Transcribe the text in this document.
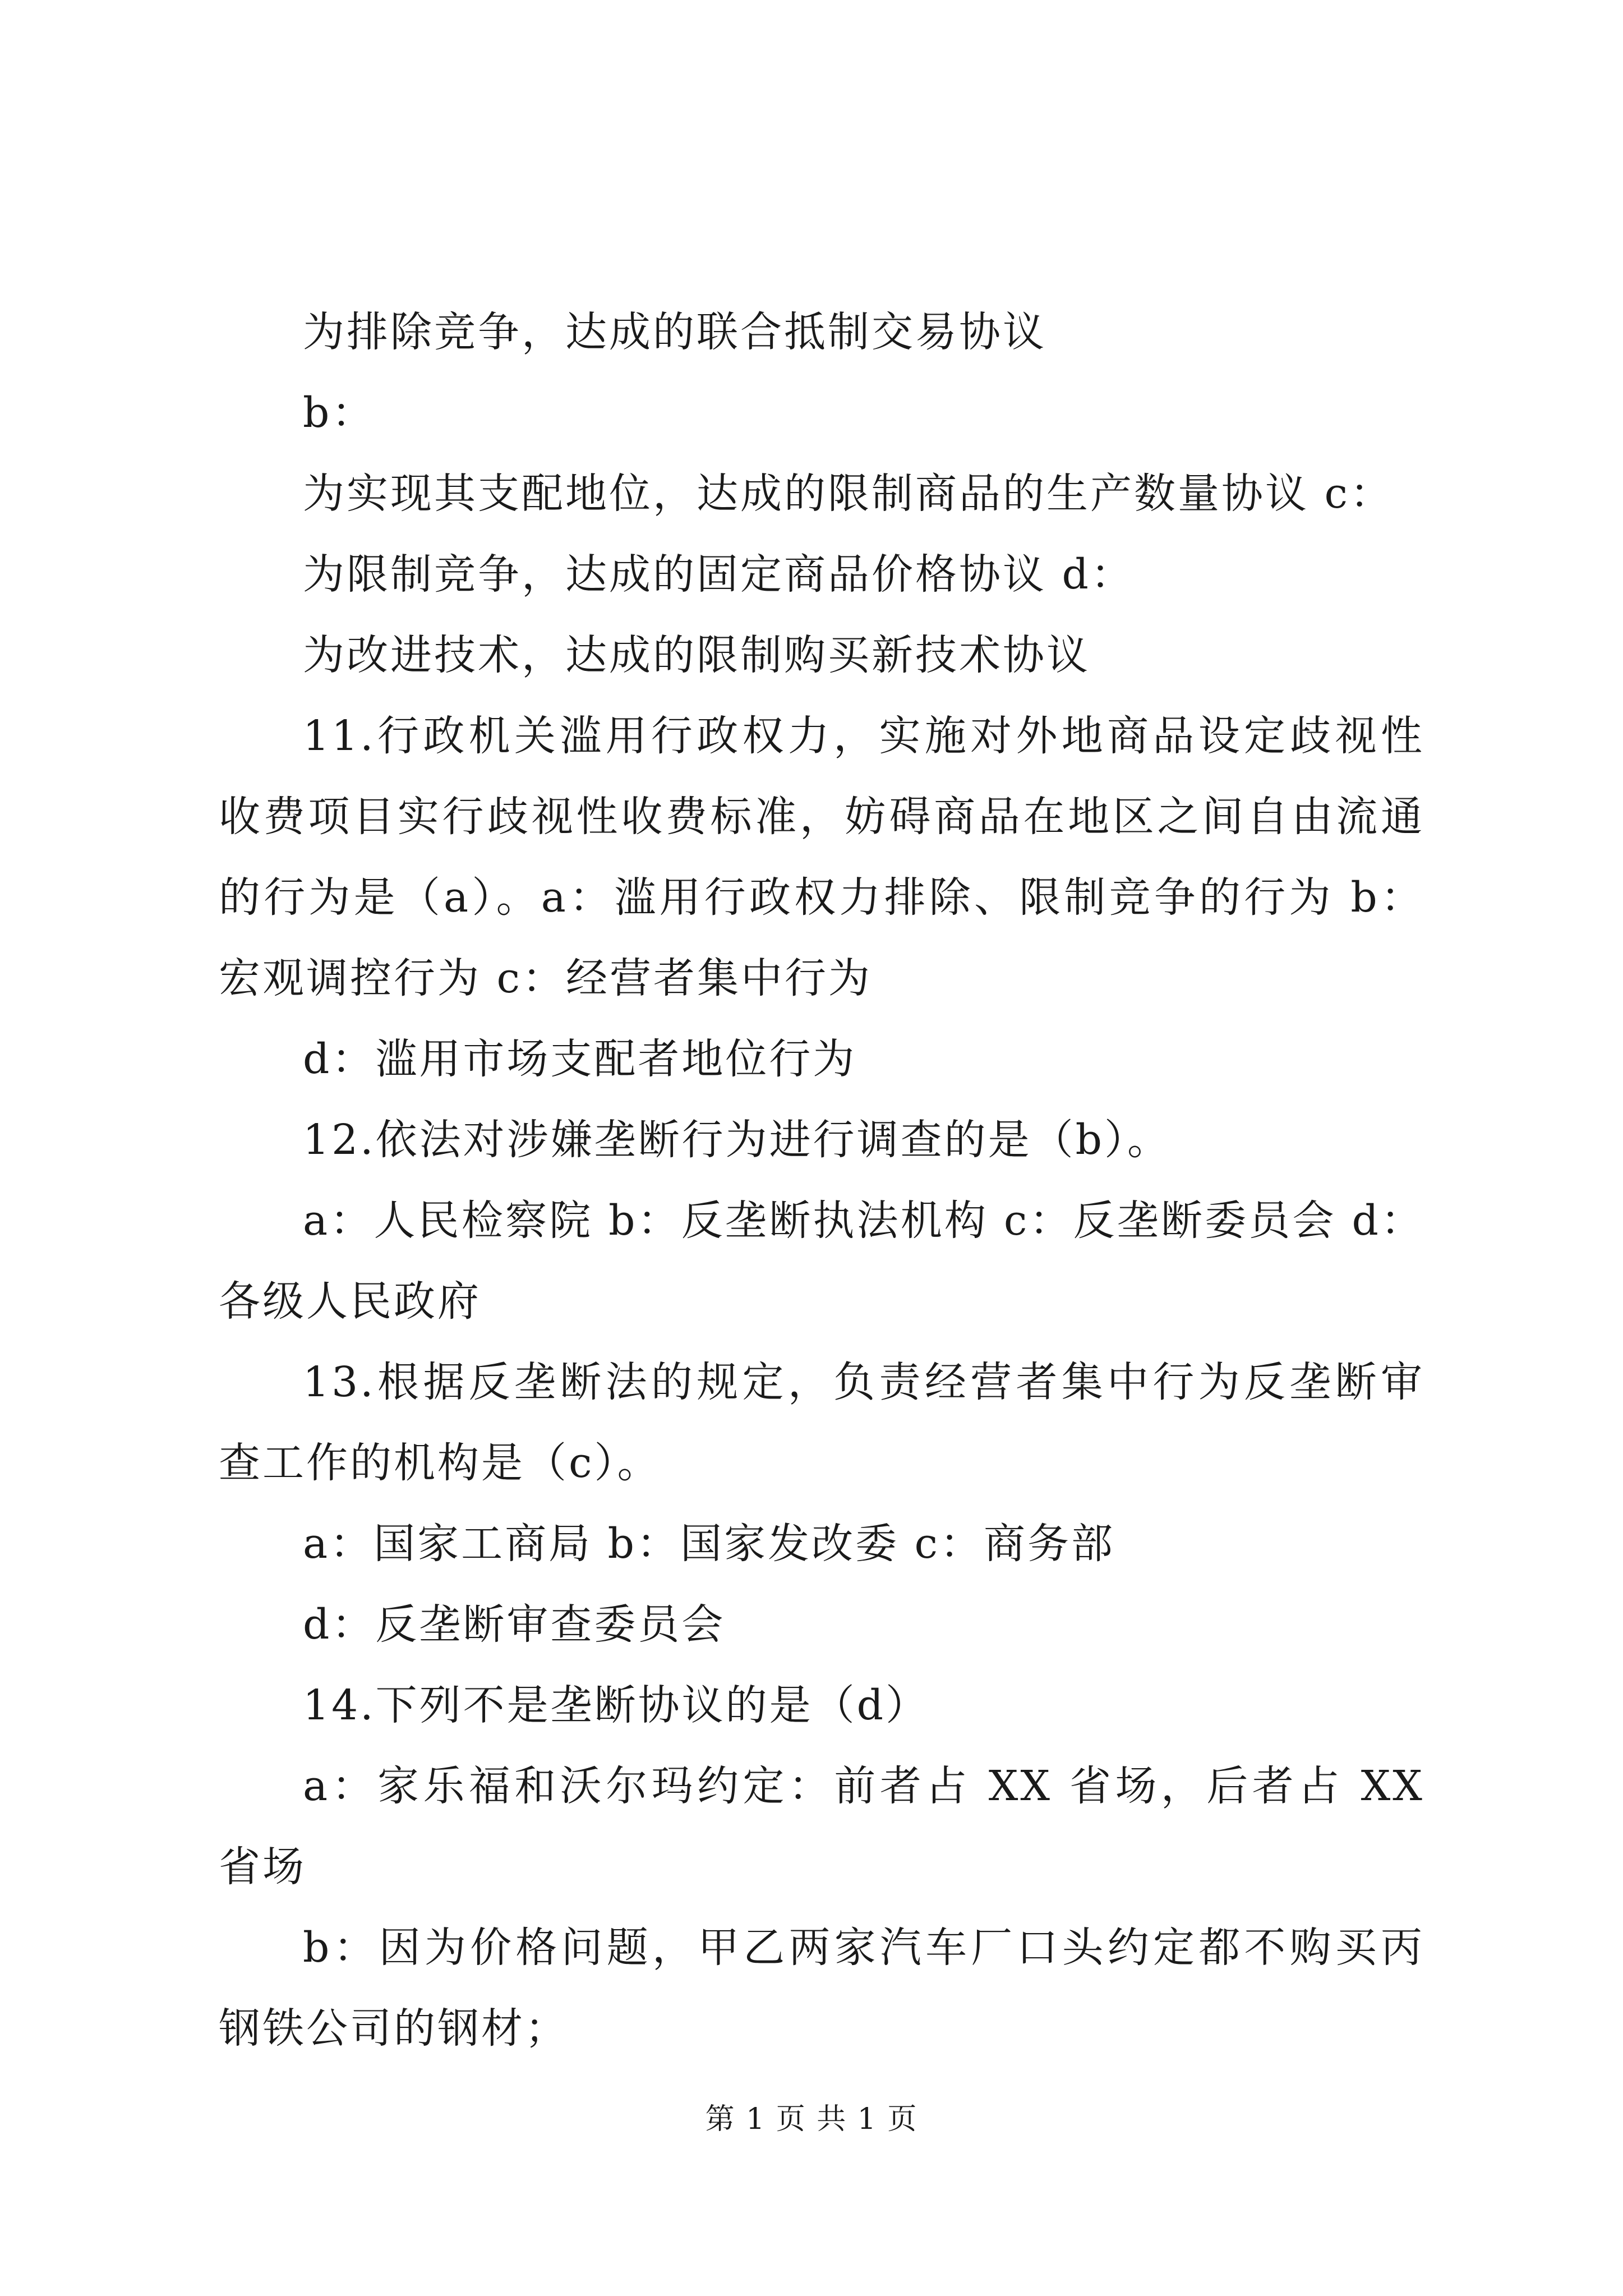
为排除竞争，达成的联合抵制交易协议

b：

为实现其支配地位，达成的限制商品的生产数量协议 c：

为限制竞争，达成的固定商品价格协议 d：

为改进技术，达成的限制购买新技术协议

11.行政机关滥用行政权力，实施对外地商品设定歧视性收费项目实行歧视性收费标准，妨碍商品在地区之间自由流通的行为是（a）。a：滥用行政权力排除、限制竞争的行为 b：宏观调控行为 c：经营者集中行为

d：滥用市场支配者地位行为

12.依法对涉嫌垄断行为进行调查的是（b）。

a：人民检察院 b：反垄断执法机构 c：反垄断委员会 d：各级人民政府

13.根据反垄断法的规定，负责经营者集中行为反垄断审查工作的机构是（c）。

a：国家工商局 b：国家发改委 c：商务部

d：反垄断审查委员会

14.下列不是垄断协议的是（d）

a：家乐福和沃尔玛约定：前者占 XX 省场，后者占 XX 省场

b：因为价格问题，甲乙两家汽车厂口头约定都不购买丙钢铁公司的钢材；

第 1 页 共 1 页
